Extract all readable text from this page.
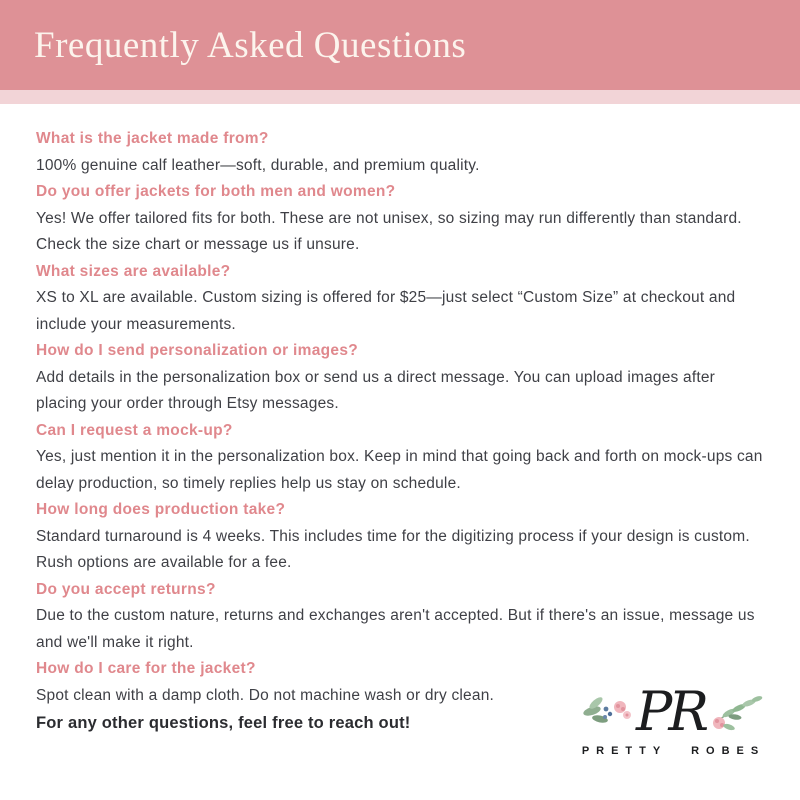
Frequently Asked Questions
What is the jacket made from?
100% genuine calf leather—soft, durable, and premium quality.
Do you offer jackets for both men and women?
Yes! We offer tailored fits for both. These are not unisex, so sizing may run differently than standard. Check the size chart or message us if unsure.
What sizes are available?
XS to XL are available. Custom sizing is offered for $25—just select “Custom Size” at checkout and include your measurements.
How do I send personalization or images?
Add details in the personalization box or send us a direct message. You can upload images after placing your order through Etsy messages.
Can I request a mock-up?
Yes, just mention it in the personalization box. Keep in mind that going back and forth on mock-ups can delay production, so timely replies help us stay on schedule.
How long does production take?
Standard turnaround is 4 weeks. This includes time for the digitizing process if your design is custom. Rush options are available for a fee.
Do you accept returns?
Due to the custom nature, returns and exchanges aren't accepted. But if there's an issue, message us and we'll make it right.
How do I care for the jacket?
Spot clean with a damp cloth. Do not machine wash or dry clean.
For any other questions, feel free to reach out!	PR
PRETTY ROBES
